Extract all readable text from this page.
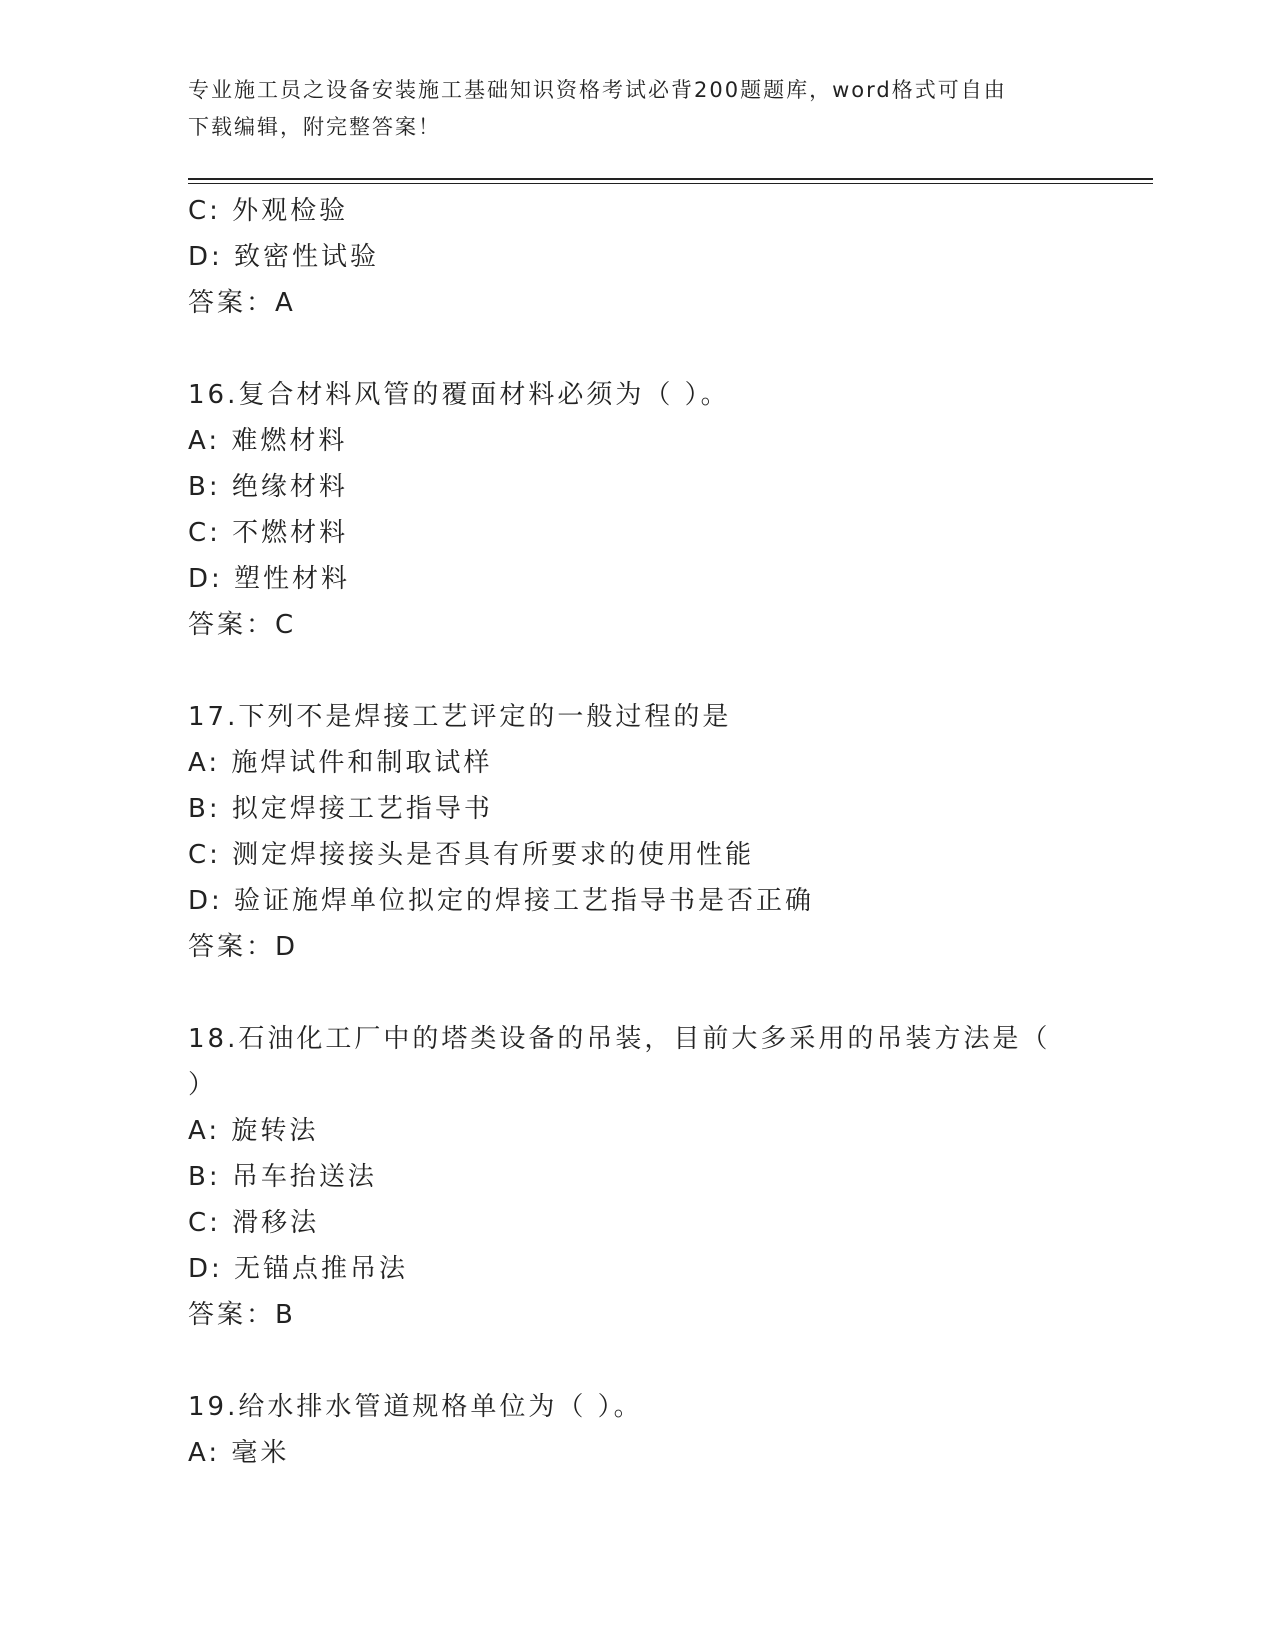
专业施工员之设备安装施工基础知识资格考试必背200题题库，word格式可自由
下载编辑，附完整答案！
C: 外观检验
D: 致密性试验
答案：A
16.复合材料风管的覆面材料必须为（ ）。
A: 难燃材料
B: 绝缘材料
C: 不燃材料
D: 塑性材料
答案：C
17.下列不是焊接工艺评定的一般过程的是
A: 施焊试件和制取试样
B: 拟定焊接工艺指导书
C: 测定焊接接头是否具有所要求的使用性能
D: 验证施焊单位拟定的焊接工艺指导书是否正确
答案：D
18.石油化工厂中的塔类设备的吊装，目前大多采用的吊装方法是（
）
A: 旋转法
B: 吊车抬送法
C: 滑移法
D: 无锚点推吊法
答案：B
19.给水排水管道规格单位为（ ）。
A: 毫米
